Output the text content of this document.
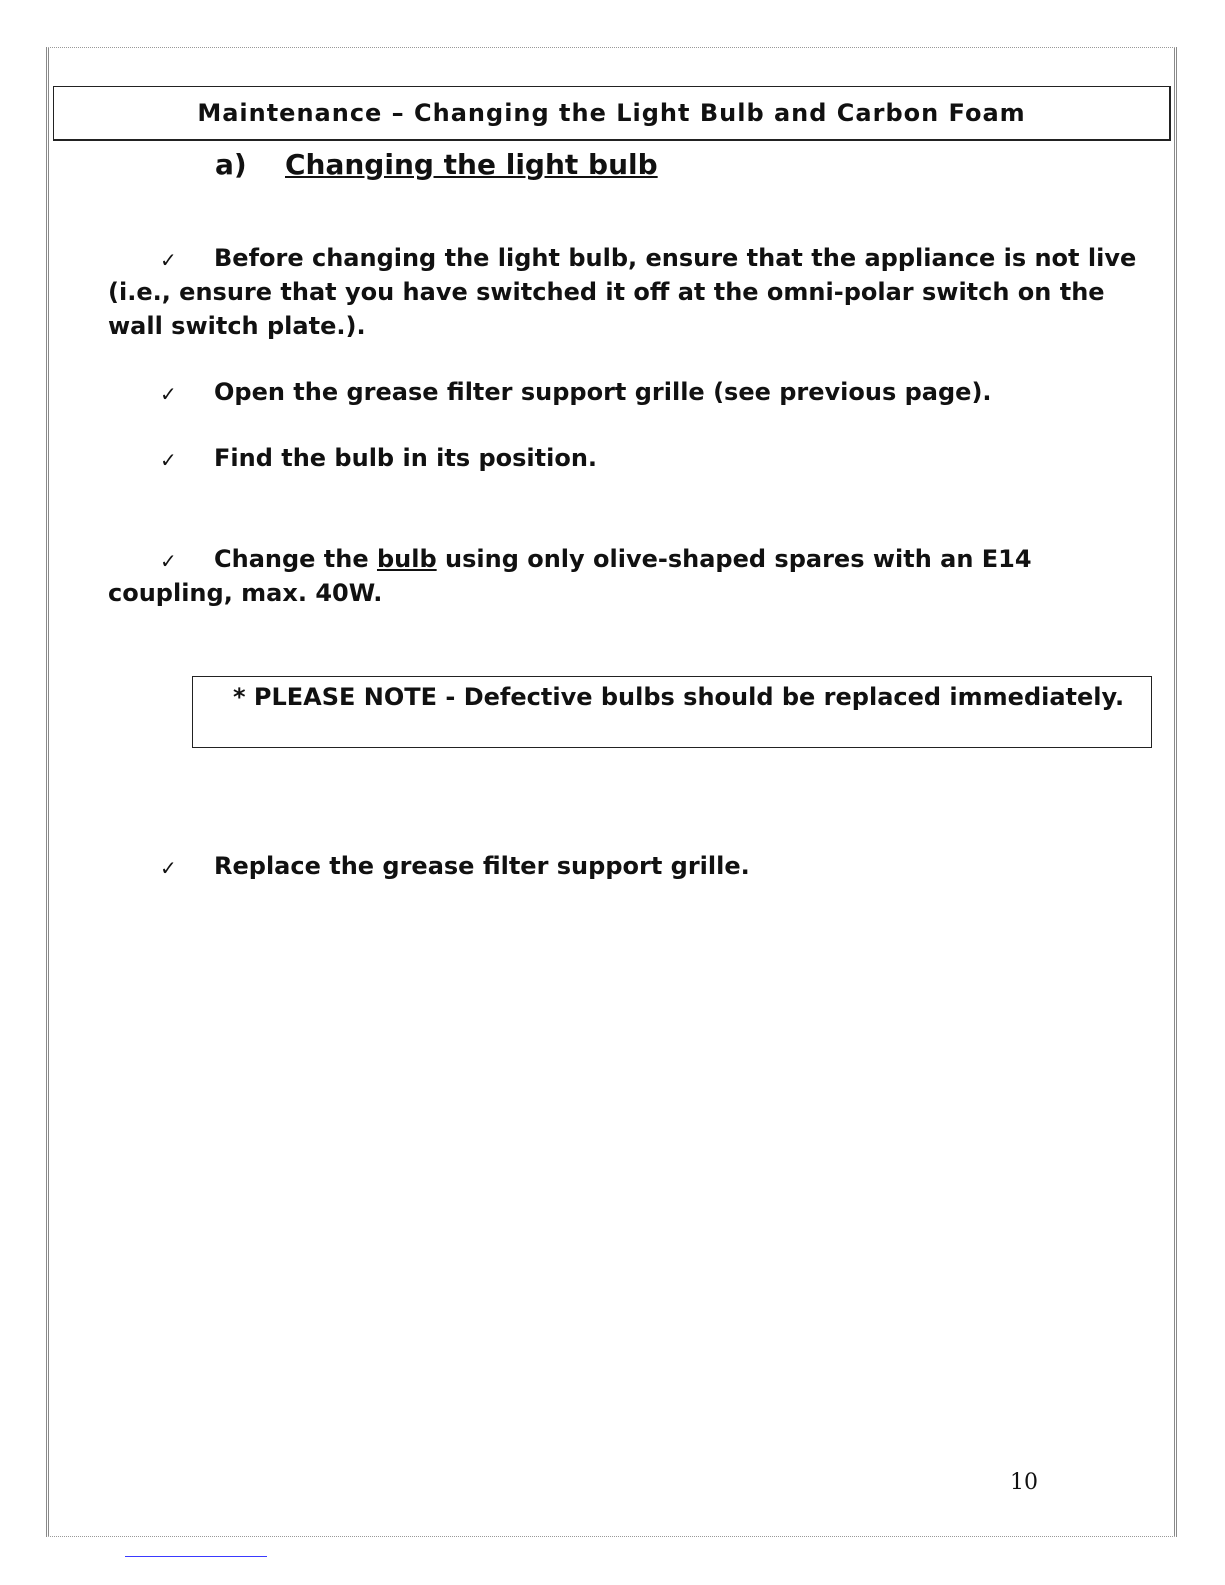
Maintenance – Changing the Light Bulb and Carbon Foam
a) Changing the light bulb
✓ Before changing the light bulb, ensure that the appliance is not live (i.e., ensure that you have switched it off at the omni-polar switch on the wall switch plate.).
✓ Open the grease filter support grille (see previous page).
✓ Find the bulb in its position.
✓ Change the bulb using only olive-shaped spares with an E14 coupling, max. 40W.
* PLEASE NOTE - Defective bulbs should be replaced immediately.
✓ Replace the grease filter support grille.
10
